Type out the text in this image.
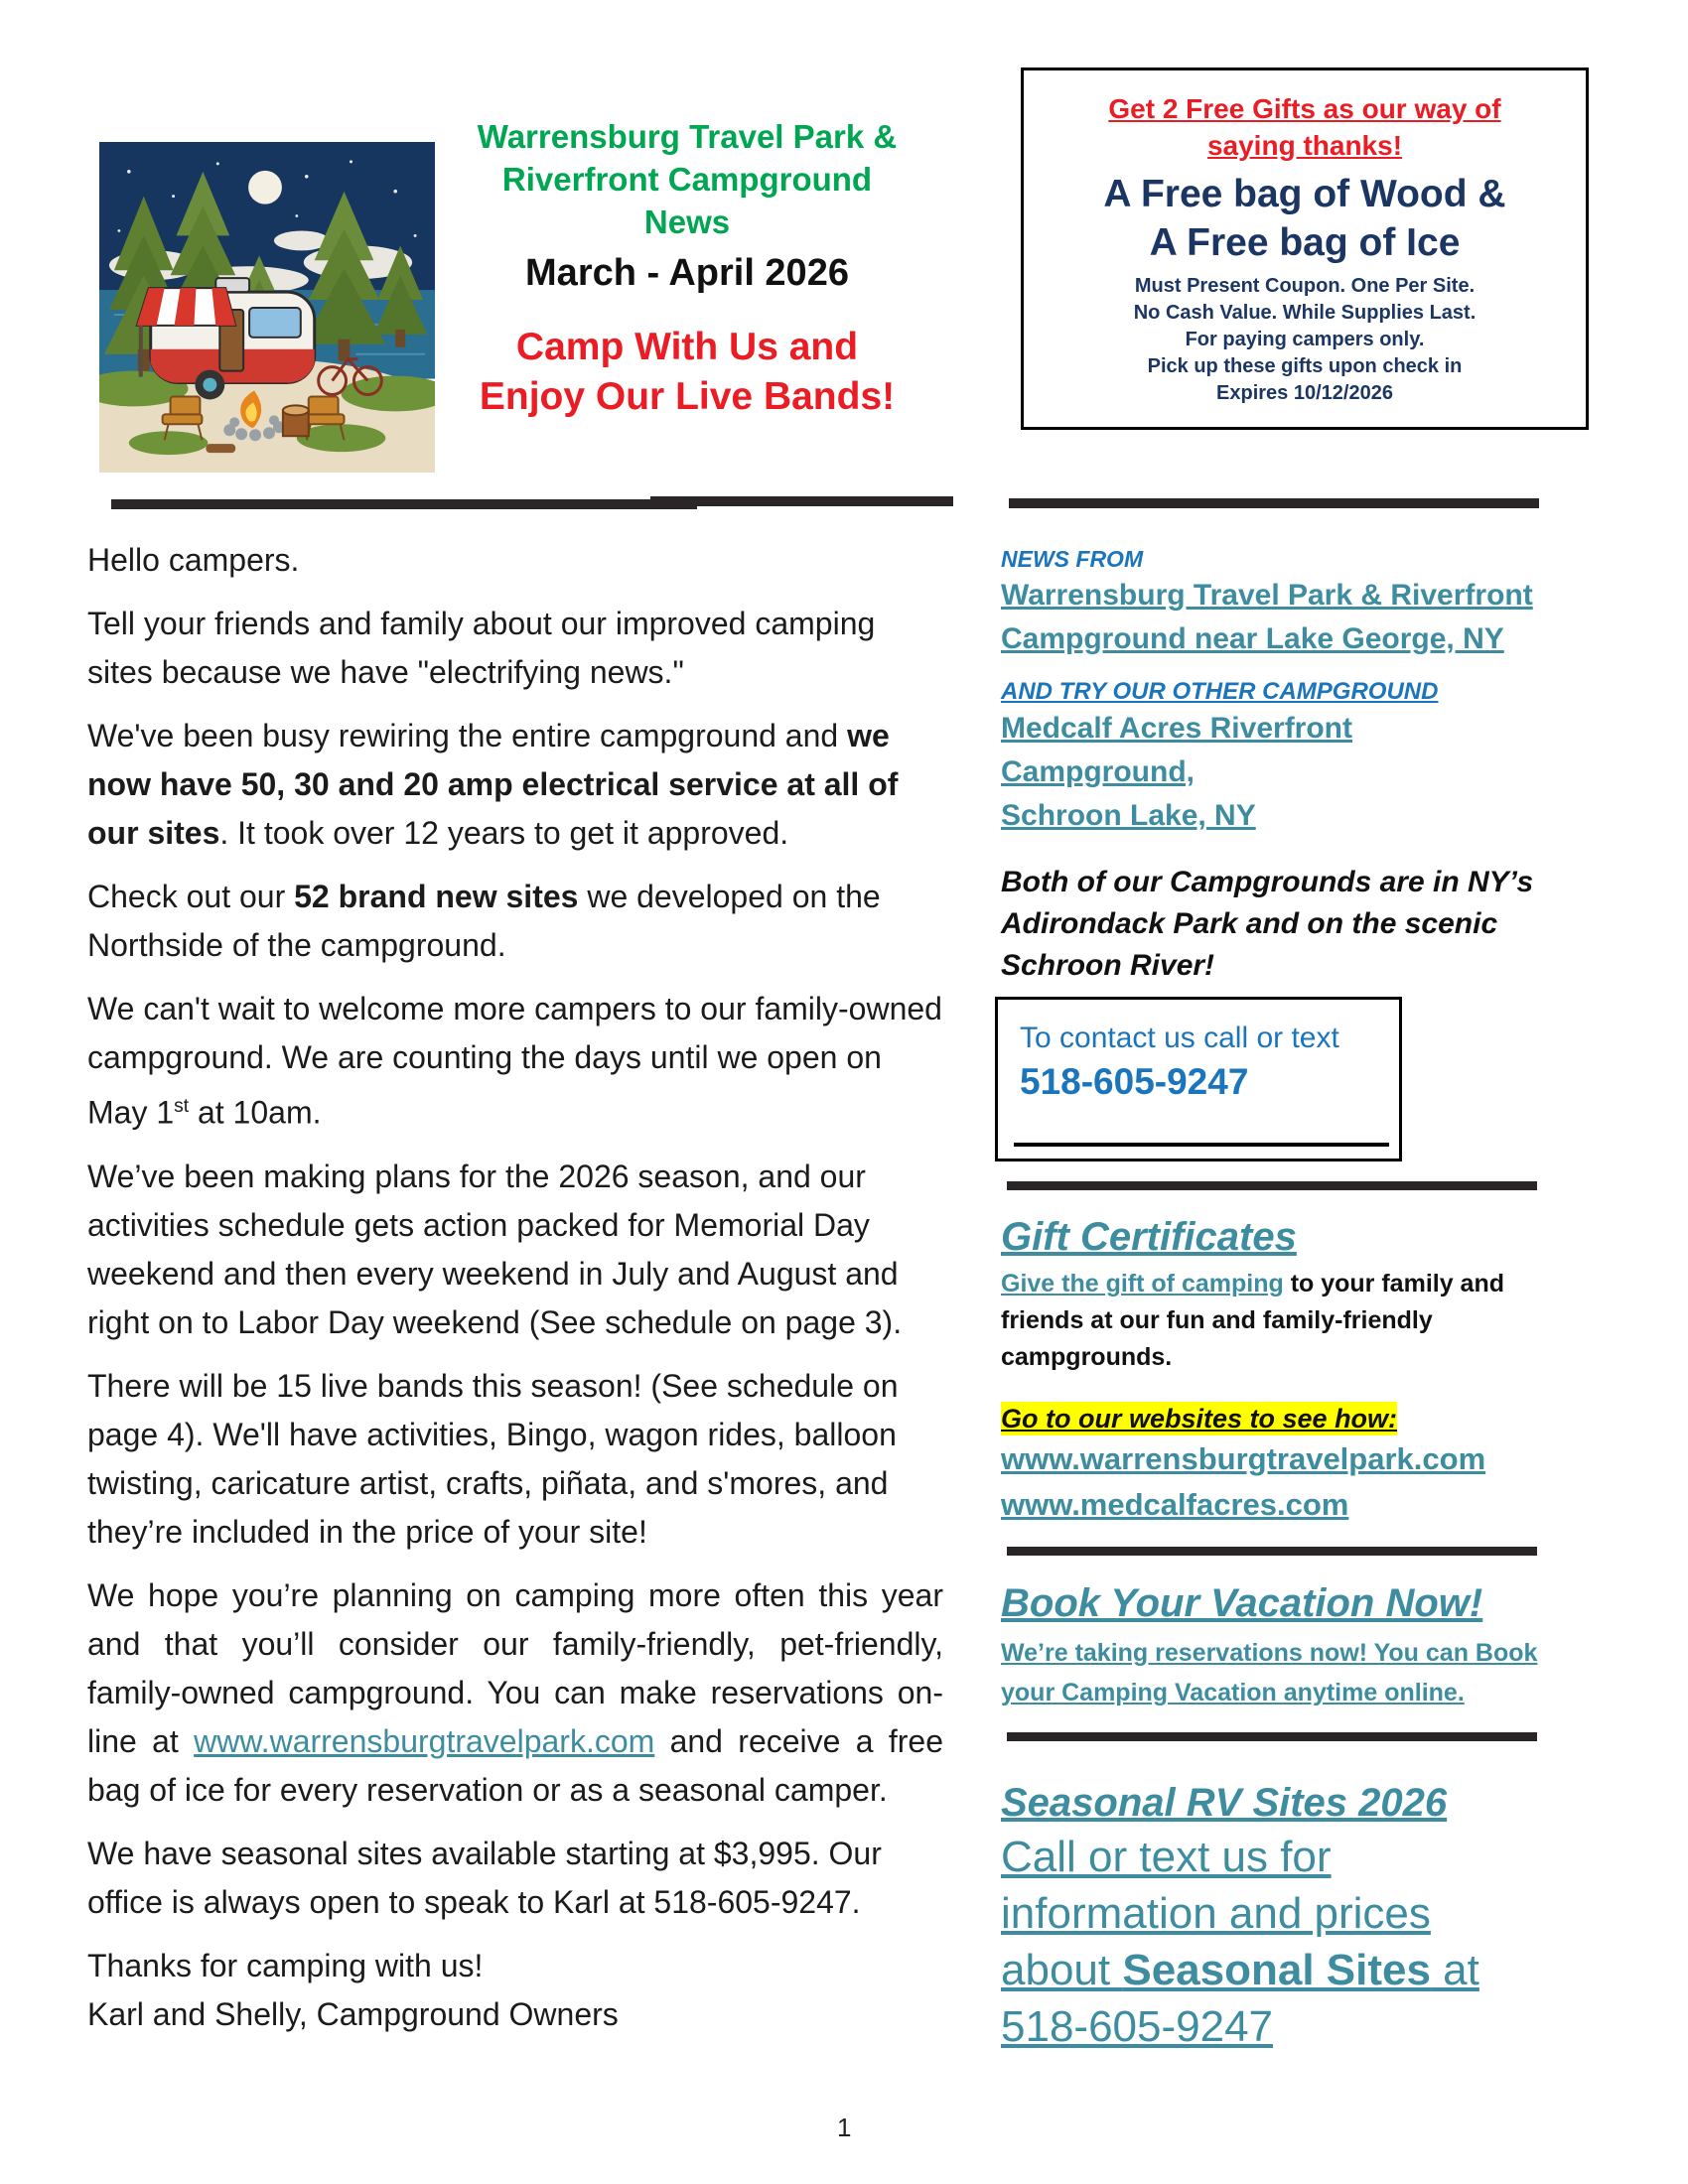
Warrensburg Travel Park &
Riverfront Campground
News
March - April 2026
Camp With Us and
Enjoy Our Live Bands!
Get 2 Free Gifts as our way of
saying thanks!
A Free bag of Wood &
A Free bag of Ice
Must Present Coupon. One Per Site.
No Cash Value. While Supplies Last.
For paying campers only.
Pick up these gifts upon check in
Expires 10/12/2026

Hello campers.

Tell your friends and family about our improved camping sites because we have "electrifying news."

We've been busy rewiring the entire campground and we now have 50, 30 and 20 amp electrical service at all of our sites. It took over 12 years to get it approved.

Check out our 52 brand new sites we developed on the Northside of the campground.

We can't wait to welcome more campers to our family-owned campground. We are counting the days until we open on May 1st at 10am.

We’ve been making plans for the 2026 season, and our activities schedule gets action packed for Memorial Day weekend and then every weekend in July and August and right on to Labor Day weekend (See schedule on page 3).

There will be 15 live bands this season! (See schedule on page 4). We'll have activities, Bingo, wagon rides, balloon twisting, caricature artist, crafts, piñata, and s'mores, and they’re included in the price of your site!

We hope you’re planning on camping more often this year and that you’ll consider our family-friendly, pet-friendly, family-owned campground. You can make reservations on-line at www.warrensburgtravelpark.com and receive a free bag of ice for every reservation or as a seasonal camper.

We have seasonal sites available starting at $3,995. Our office is always open to speak to Karl at 518-605-9247.

Thanks for camping with us!
Karl and Shelly, Campground Owners

NEWS FROM
Warrensburg Travel Park & Riverfront Campground near Lake George, NY
AND TRY OUR OTHER CAMPGROUND
Medcalf Acres Riverfront Campground,
Schroon Lake, NY
Both of our Campgrounds are in NY’s Adirondack Park and on the scenic Schroon River!
To contact us call or text
518-605-9247
Gift Certificates
Give the gift of camping to your family and friends at our fun and family-friendly campgrounds.
Go to our websites to see how:
www.warrensburgtravelpark.com
www.medcalfacres.com
Book Your Vacation Now!
We’re taking reservations now! You can Book your Camping Vacation anytime online.
Seasonal RV Sites 2026
Call or text us for
information and prices
about Seasonal Sites at
518-605-9247
1
